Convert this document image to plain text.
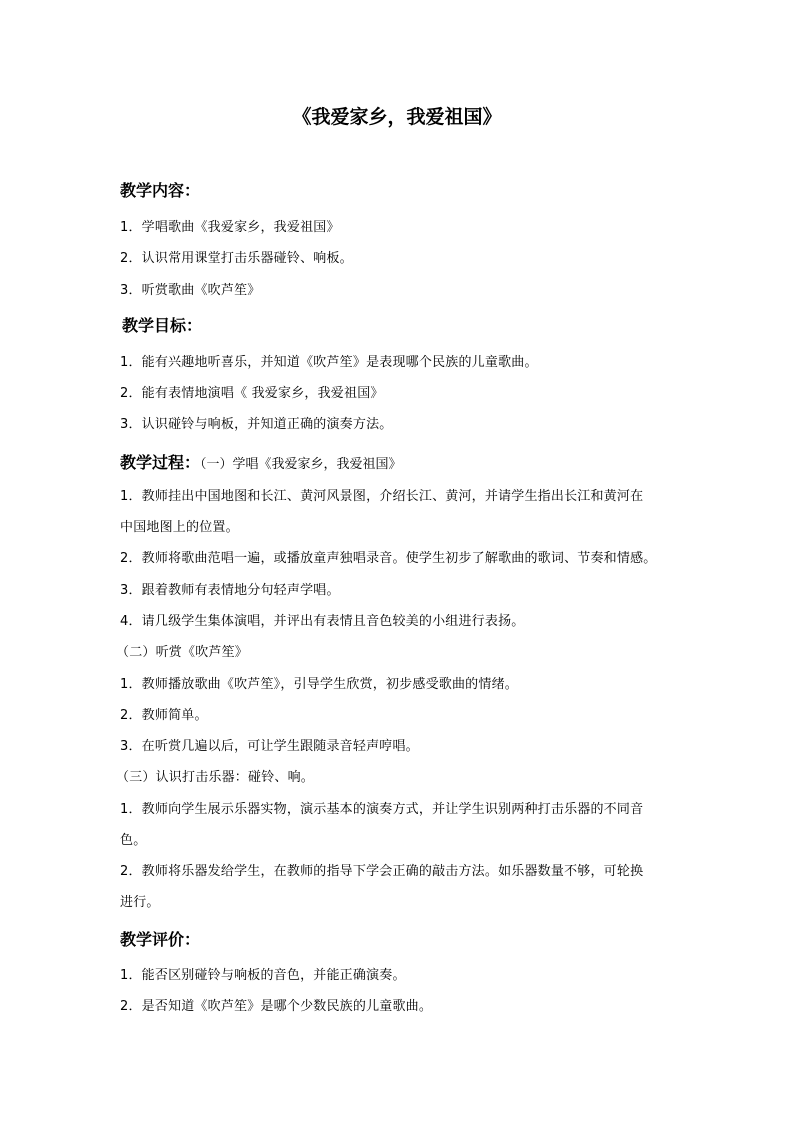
《我爱家乡，我爱祖国》
教学内容：
1．学唱歌曲《我爱家乡，我爱祖国》
2．认识常用课堂打击乐器碰铃、响板。
3．听赏歌曲《吹芦笙》
教学目标：
1．能有兴趣地听喜乐，并知道《吹芦笙》是表现哪个民族的儿童歌曲。
2．能有表情地演唱《 我爱家乡，我爱祖国》
3．认识碰铃与响板，并知道正确的演奏方法。
教学过程：（一）学唱《我爱家乡，我爱祖国》
1．教师挂出中国地图和长江、黄河风景图，介绍长江、黄河，并请学生指出长江和黄河在
中国地图上的位置。
2．教师将歌曲范唱一遍，或播放童声独唱录音。使学生初步了解歌曲的歌词、节奏和情感。
3．跟着教师有表情地分句轻声学唱。
4．请几级学生集体演唱，并评出有表情且音色较美的小组进行表扬。
（二）听赏《吹芦笙》
1．教师播放歌曲《吹芦笙》，引导学生欣赏，初步感受歌曲的情绪。
2．教师简单。
3．在听赏几遍以后，可让学生跟随录音轻声哼唱。
（三）认识打击乐器：碰铃、响。
1．教师向学生展示乐器实物，演示基本的演奏方式，并让学生识别两种打击乐器的不同音
色。
2．教师将乐器发给学生，在教师的指导下学会正确的敲击方法。如乐器数量不够，可轮换
进行。
教学评价：
1．能否区别碰铃与响板的音色，并能正确演奏。
2．是否知道《吹芦笙》是哪个少数民族的儿童歌曲。
